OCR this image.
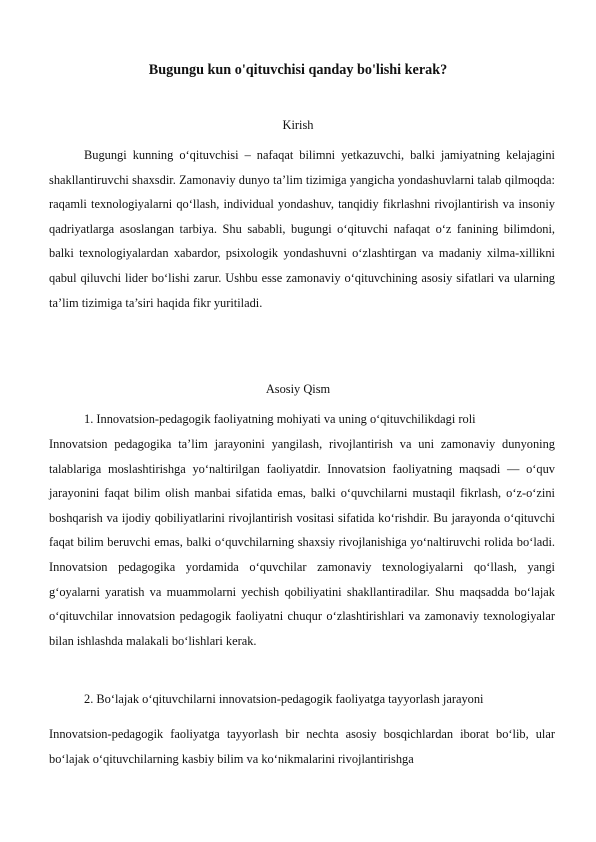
Bugungu kun o'qituvchisi qanday bo'lishi kerak?
Kirish
Bugungi kunning o‘qituvchisi – nafaqat bilimni yetkazuvchi, balki jamiyatning kelajagini shakllantiruvchi shaxsdir. Zamonaviy dunyo ta’lim tizimiga yangicha yondashuvlarni talab qilmoqda: raqamli texnologiyalarni qo‘llash, individual yondashuv, tanqidiy fikrlashni rivojlantirish va insoniy qadriyatlarga asoslangan tarbiya. Shu sababli, bugungi o‘qituvchi nafaqat o‘z fanining bilimdoni, balki texnologiyalardan xabardor, psixologik yondashuvni o‘zlashtirgan va madaniy xilma-xillikni qabul qiluvchi lider bo‘lishi zarur. Ushbu esse zamonaviy o‘qituvchining asosiy sifatlari va ularning ta’lim tizimiga ta’siri haqida fikr yuritiladi.
Asosiy Qism
1. Innovatsion-pedagogik faoliyatning mohiyati va uning o‘qituvchilikdagi roli
Innovatsion pedagogika ta’lim jarayonini yangilash, rivojlantirish va uni zamonaviy dunyoning talablariga moslashtirishga yo‘naltirilgan faoliyatdir. Innovatsion faoliyatning maqsadi — o‘quv jarayonini faqat bilim olish manbai sifatida emas, balki o‘quvchilarni mustaqil fikrlash, o‘z-o‘zini boshqarish va ijodiy qobiliyatlarini rivojlantirish vositasi sifatida ko‘rishdir. Bu jarayonda o‘qituvchi faqat bilim beruvchi emas, balki o‘quvchilarning shaxsiy rivojlanishiga yo‘naltiruvchi rolida bo‘ladi. Innovatsion pedagogika yordamida o‘quvchilar zamonaviy texnologiyalarni qo‘llash, yangi g‘oyalarni yaratish va muammolarni yechish qobiliyatini shakllantiradilar. Shu maqsadda bo‘lajak o‘qituvchilar innovatsion pedagogik faoliyatni chuqur o‘zlashtirishlari va zamonaviy texnologiyalar bilan ishlashda malakali bo‘lishlari kerak.
2. Bo‘lajak o‘qituvchilarni innovatsion-pedagogik faoliyatga tayyorlash jarayoni
Innovatsion-pedagogik faoliyatga tayyorlash bir nechta asosiy bosqichlardan iborat bo‘lib, ular bo‘lajak o‘qituvchilarning kasbiy bilim va ko‘nikmalarini rivojlantirishga
